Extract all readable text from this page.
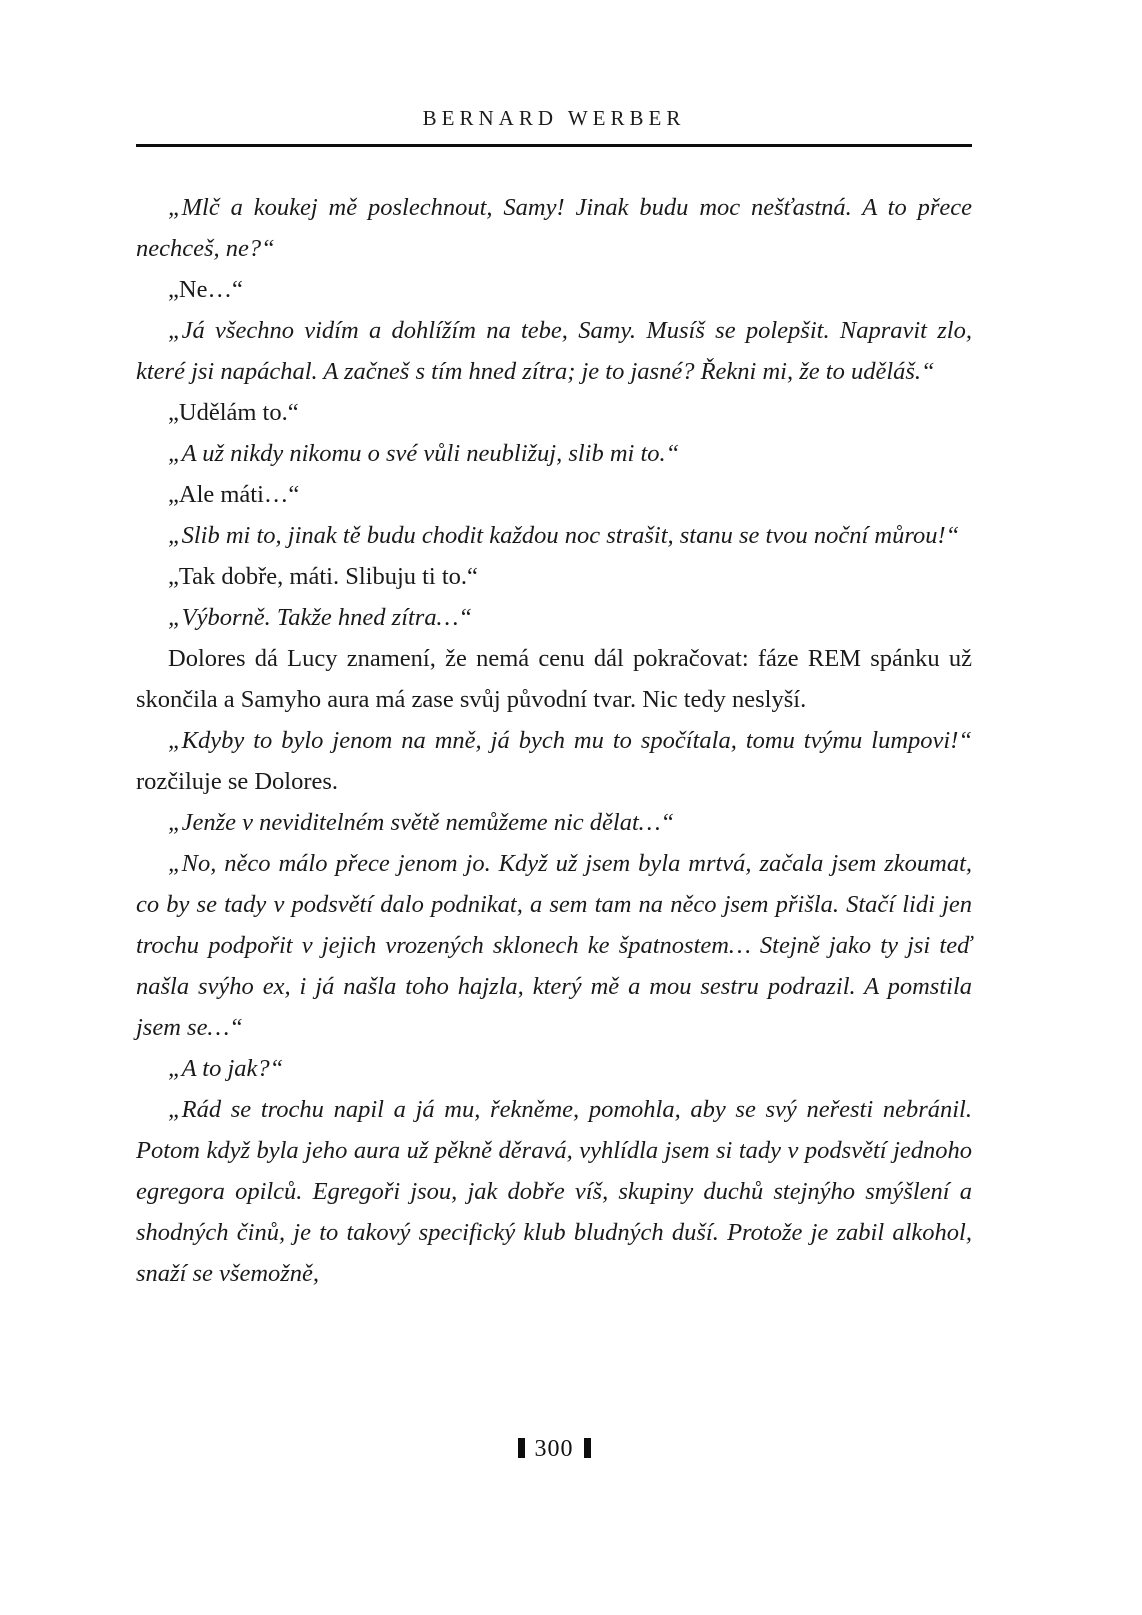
BERNARD WERBER

„Mlč a koukej mě poslechnout, Samy! Jinak budu moc nešťastná. A to přece nechceš, ne?“

„Ne…“

„Já všechno vidím a dohlížím na tebe, Samy. Musíš se polepšit. Napravit zlo, které jsi napáchal. A začneš s tím hned zítra; je to jasné? Řekni mi, že to uděláš.“

„Udělám to.“

„A už nikdy nikomu o své vůli neubližuj, slib mi to.“

„Ale máti…“

„Slib mi to, jinak tě budu chodit každou noc strašit, stanu se tvou noční můrou!“

„Tak dobře, máti. Slibuju ti to.“

„Výborně. Takže hned zítra…“

Dolores dá Lucy znamení, že nemá cenu dál pokračovat: fáze REM spánku už skončila a Samyho aura má zase svůj původní tvar. Nic tedy neslyší.

„Kdyby to bylo jenom na mně, já bych mu to spočítala, tomu tvýmu lumpovi!“ rozčiluje se Dolores.

„Jenže v neviditelném světě nemůžeme nic dělat…“

„No, něco málo přece jenom jo. Když už jsem byla mrtvá, začala jsem zkoumat, co by se tady v podsvětí dalo podnikat, a sem tam na něco jsem přišla. Stačí lidi jen trochu podpořit v jejich vrozených sklonech ke špatnostem… Stejně jako ty jsi teď našla svýho ex, i já našla toho hajzla, který mě a mou sestru podrazil. A pomstila jsem se…“

„A to jak?“

„Rád se trochu napil a já mu, řekněme, pomohla, aby se svý neřesti nebránil. Potom když byla jeho aura už pěkně děravá, vyhlídla jsem si tady v podsvětí jednoho egregora opilců. Egregoři jsou, jak dobře víš, skupiny duchů stejnýho smýšlení a shodných činů, je to takový specifický klub bludných duší. Protože je zabil alkohol, snaží se všemožně,

300
